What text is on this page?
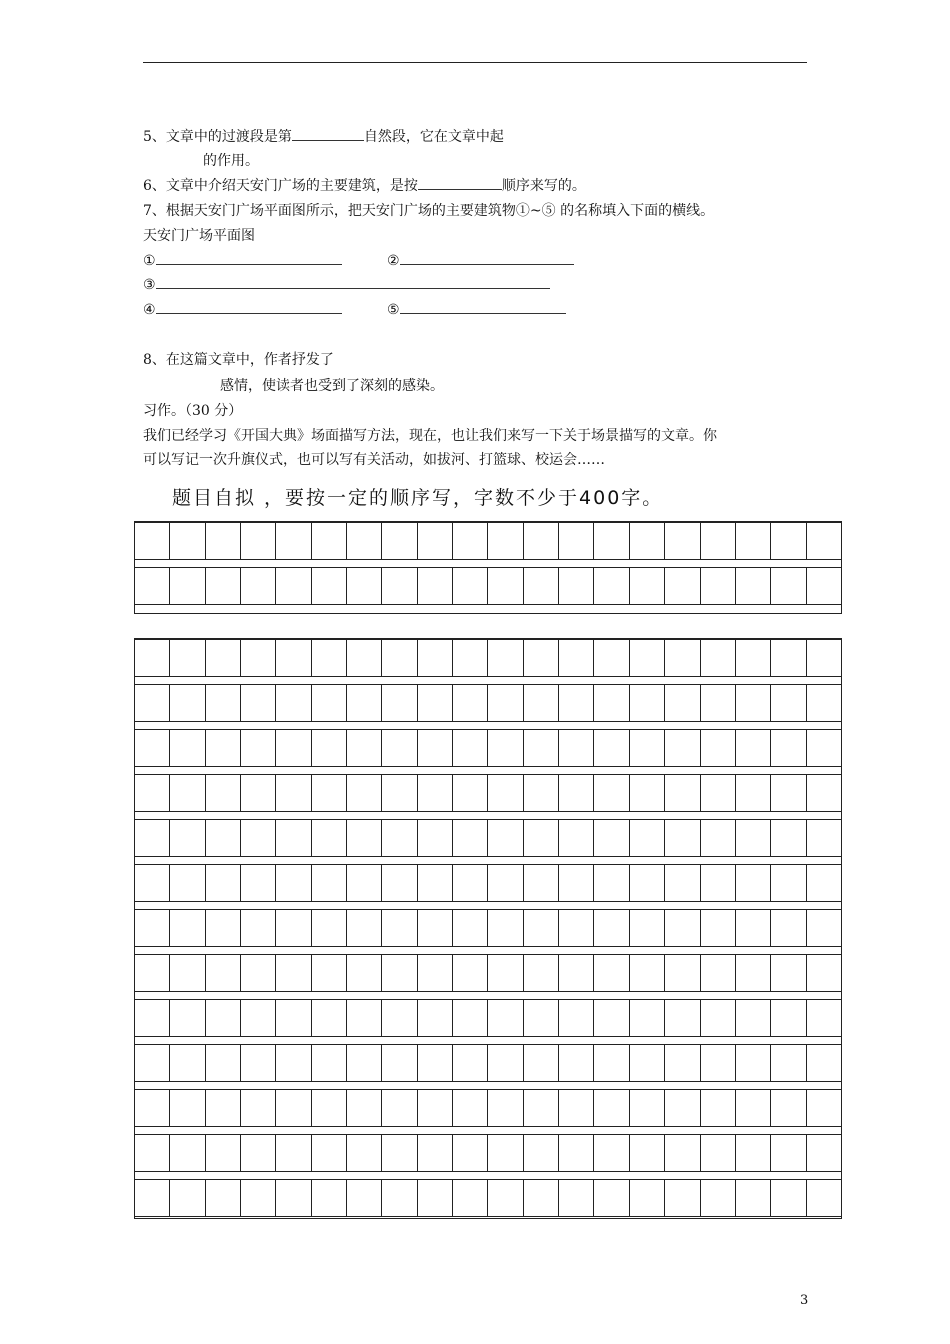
5、文章中的过渡段是第	自然段，它在文章中起
的作用。
6、文章中介绍天安门广场的主要建筑，是按	顺序来写的。
7、根据天安门广场平面图所示，把天安门广场的主要建筑物①~⑤ 的名称填入下面的横线。
天安门广场平面图
①	②
③
④	⑤
8、在这篇文章中，作者抒发了
感情，使读者也受到了深刻的感染。
习作。（30 分）
我们已经学习《开国大典》场面描写方法，现在，也让我们来写一下关于场景描写的文章。你
可以写记一次升旗仪式，也可以写有关活动，如拔河、打篮球、校运会……
题目自拟 ，要按一定的顺序写，字数不少于400字。
3
